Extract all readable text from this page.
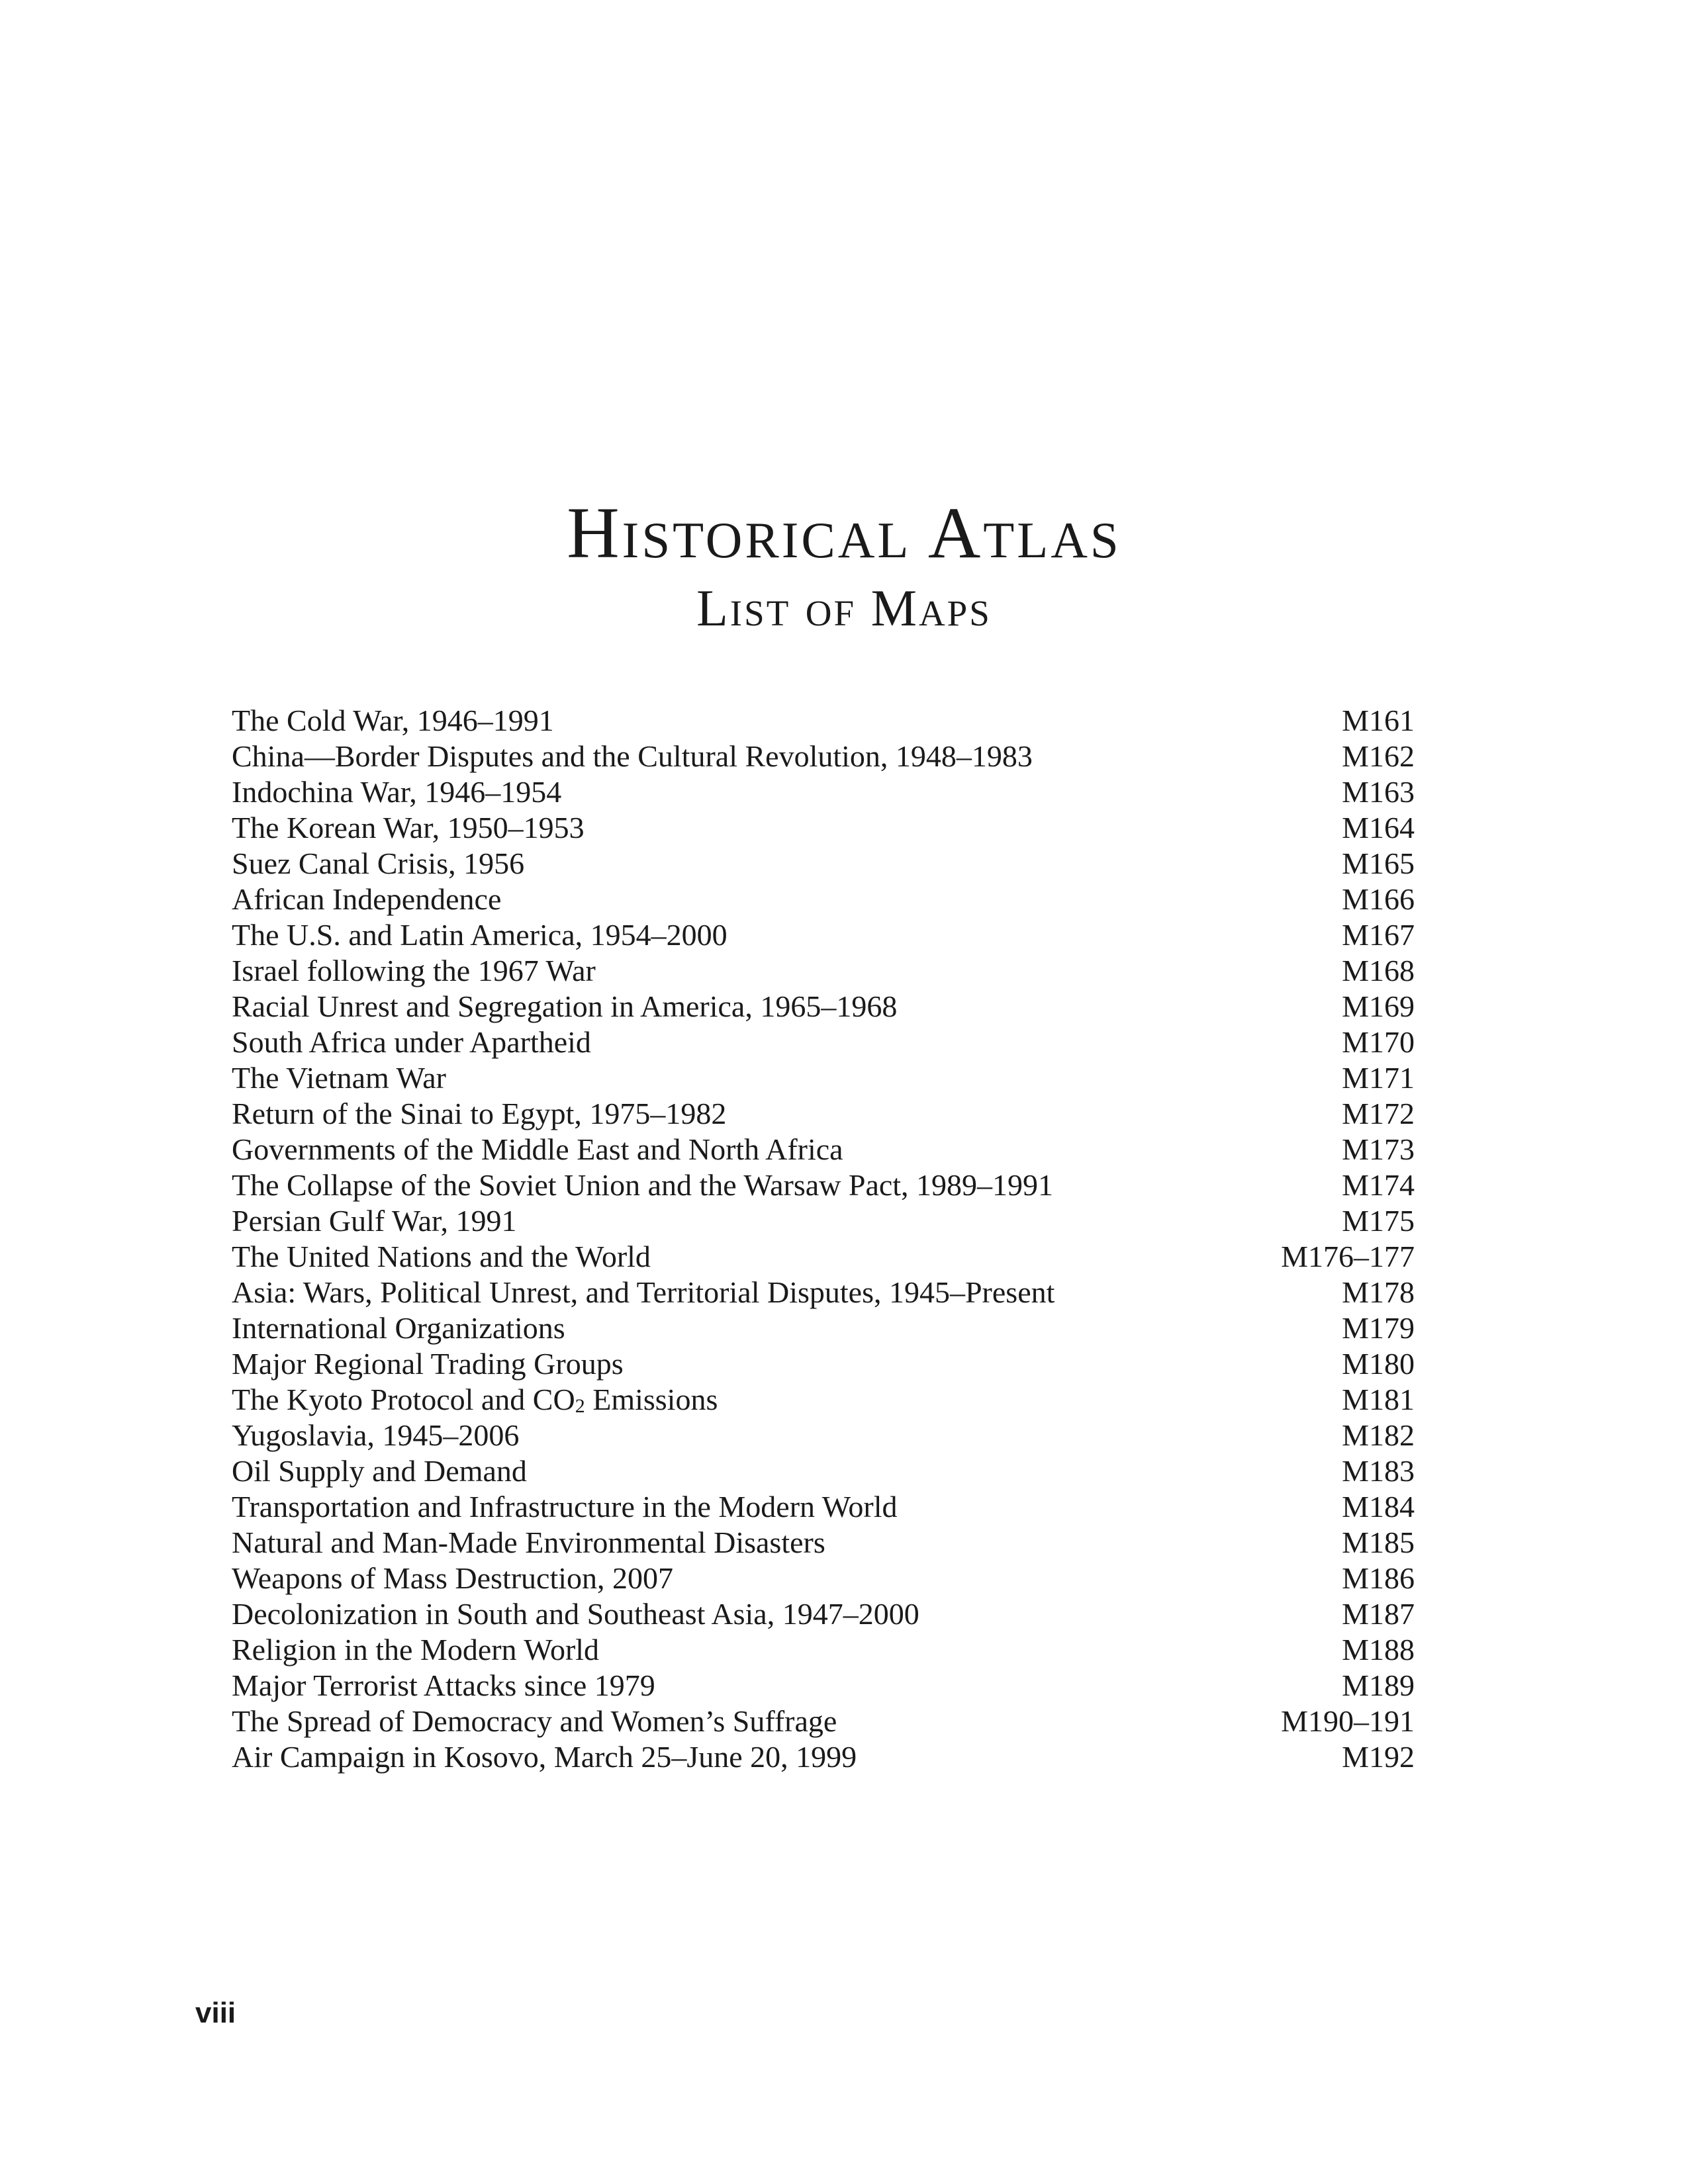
Historical Atlas
List of Maps
The Cold War, 1946–1991	M161
China—Border Disputes and the Cultural Revolution, 1948–1983	M162
Indochina War, 1946–1954	M163
The Korean War, 1950–1953	M164
Suez Canal Crisis, 1956	M165
African Independence	M166
The U.S. and Latin America, 1954–2000	M167
Israel following the 1967 War	M168
Racial Unrest and Segregation in America, 1965–1968	M169
South Africa under Apartheid	M170
The Vietnam War	M171
Return of the Sinai to Egypt, 1975–1982	M172
Governments of the Middle East and North Africa	M173
The Collapse of the Soviet Union and the Warsaw Pact, 1989–1991	M174
Persian Gulf War, 1991	M175
The United Nations and the World	M176–177
Asia: Wars, Political Unrest, and Territorial Disputes, 1945–Present	M178
International Organizations	M179
Major Regional Trading Groups	M180
The Kyoto Protocol and $CO_2$ Emissions	M181
Yugoslavia, 1945–2006	M182
Oil Supply and Demand	M183
Transportation and Infrastructure in the Modern World	M184
Natural and Man-Made Environmental Disasters	M185
Weapons of Mass Destruction, 2007	M186
Decolonization in South and Southeast Asia, 1947–2000	M187
Religion in the Modern World	M188
Major Terrorist Attacks since 1979	M189
The Spread of Democracy and Women’s Suffrage	M190–191
Air Campaign in Kosovo, March 25–June 20, 1999	M192
viii
